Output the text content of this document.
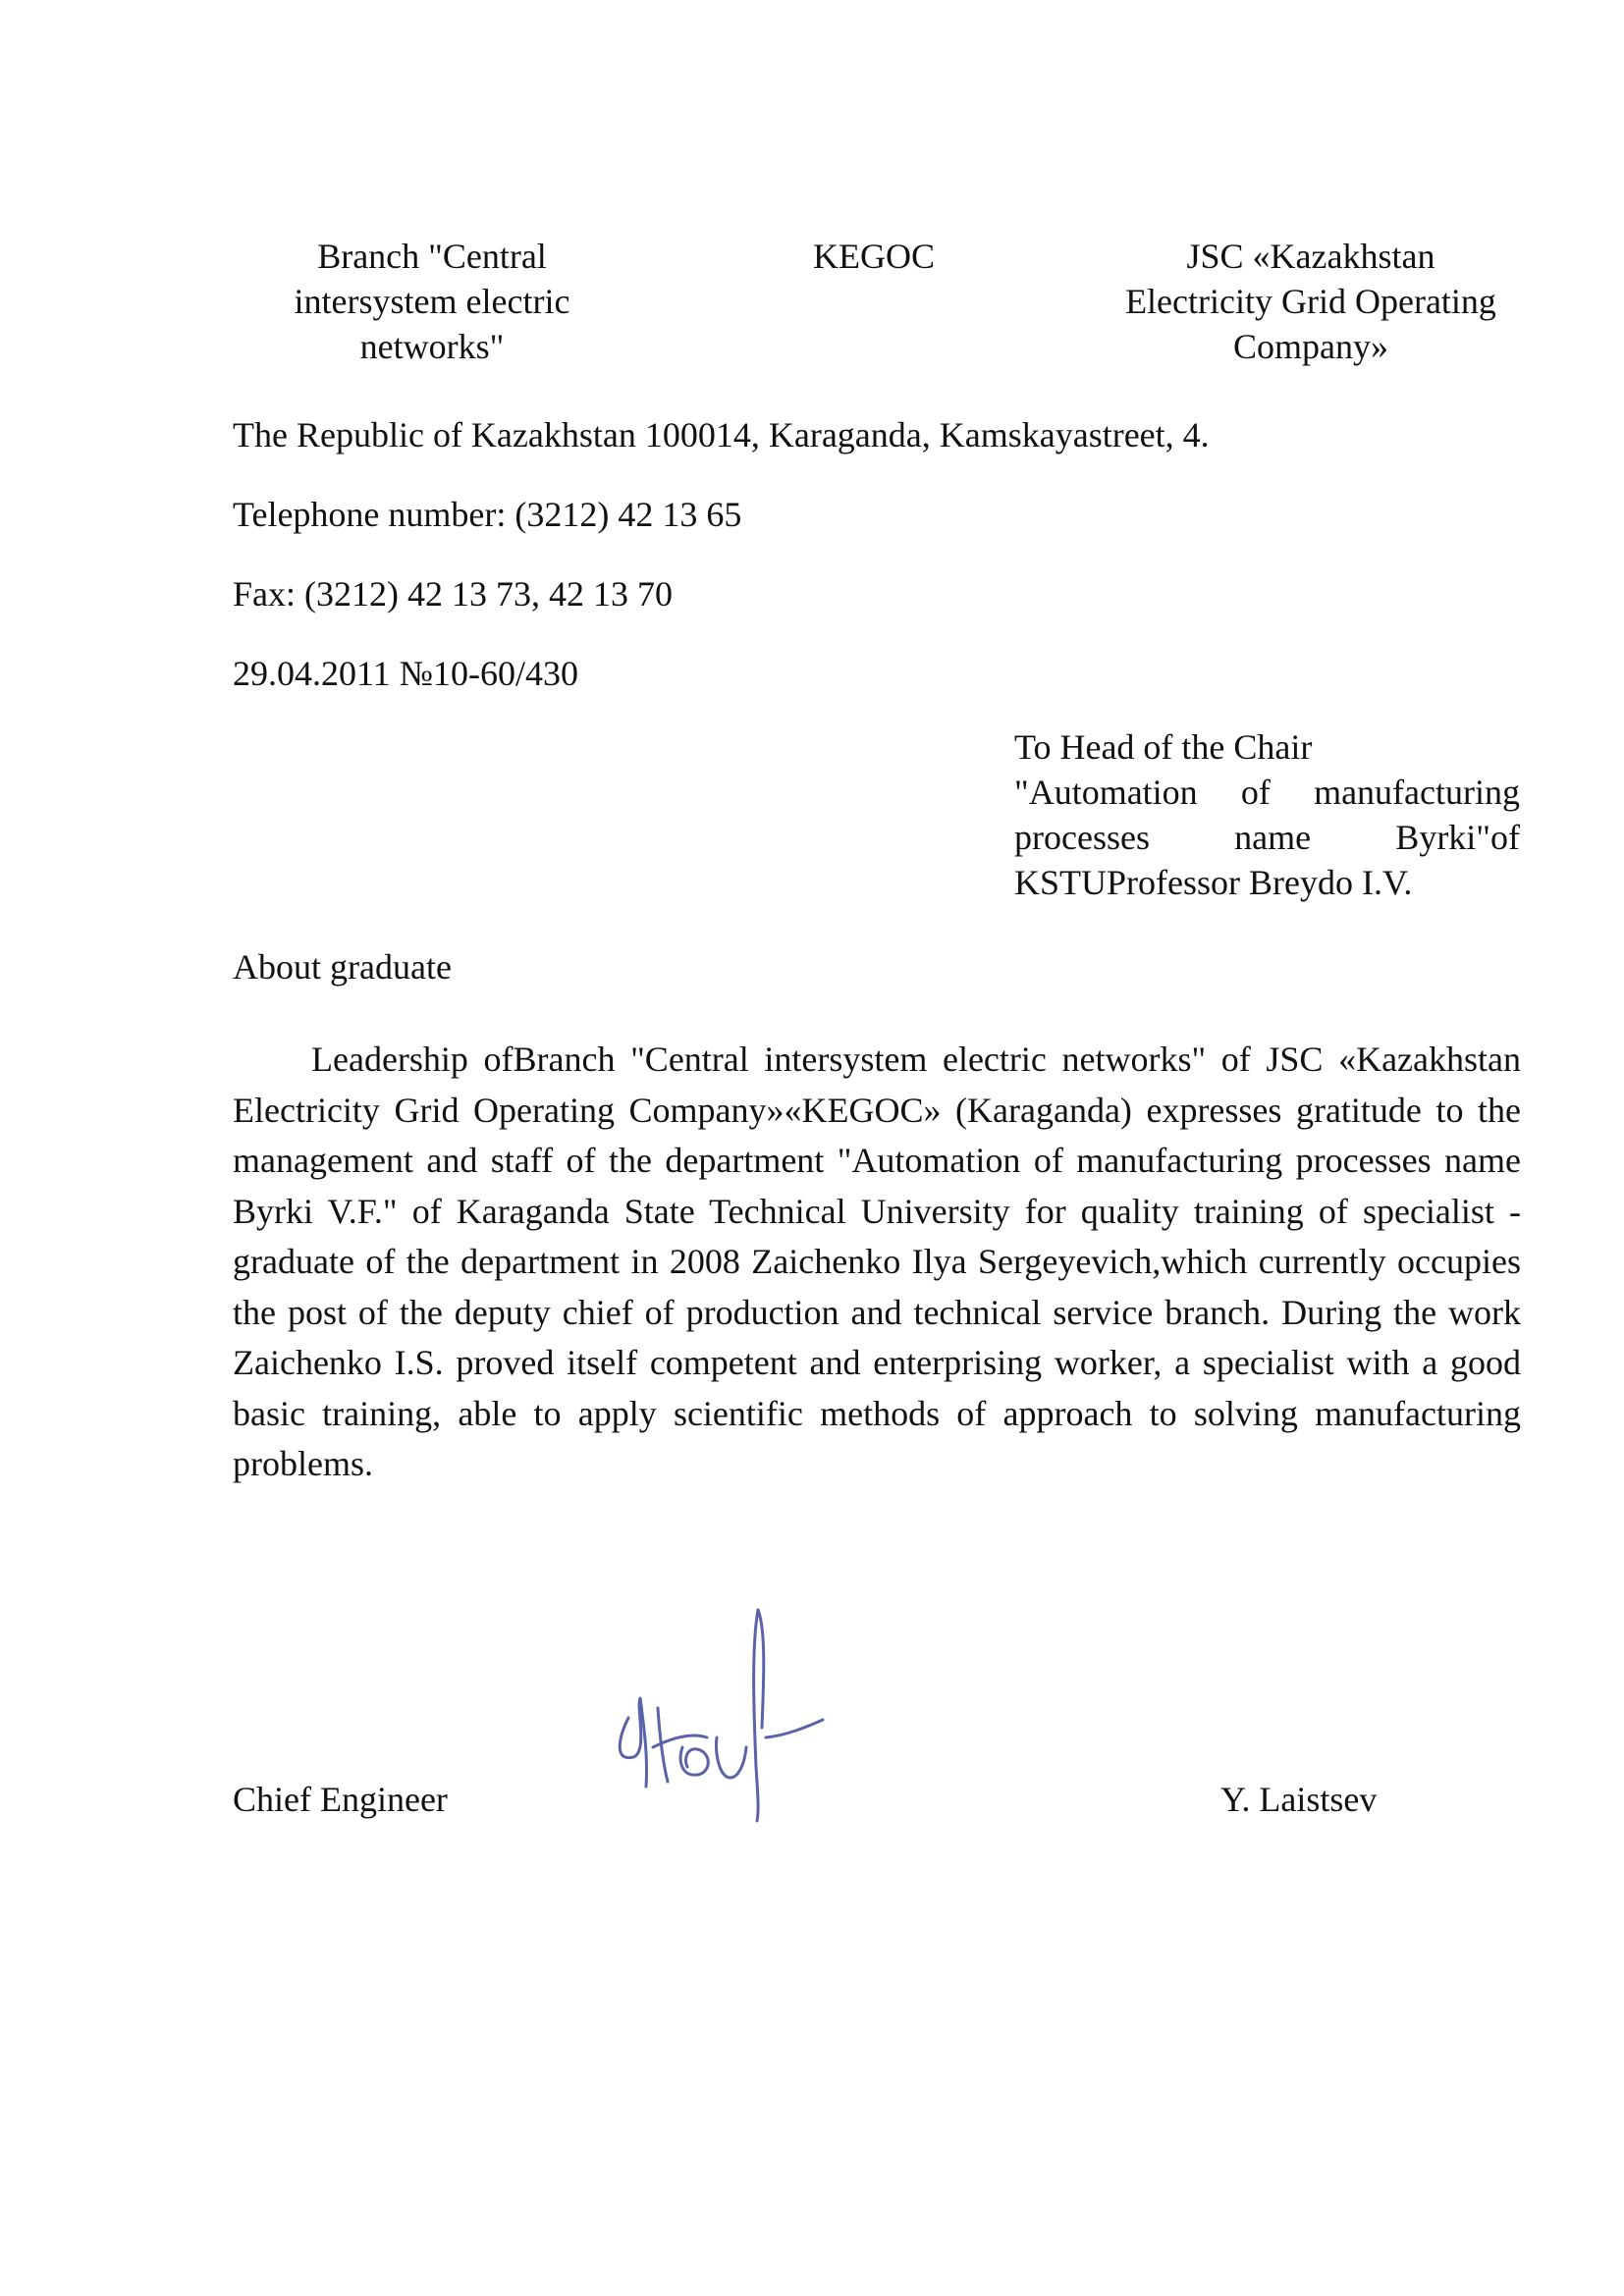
Branch "Central
intersystem electric
networks"
KEGOC	JSC «Kazakhstan
Electricity Grid Operating
Company»
The Republic of Kazakhstan 100014, Karaganda, Kamskayastreet, 4.
Telephone number: (3212) 42 13 65
Fax: (3212) 42 13 73, 42 13 70
29.04.2011 №10-60/430
To Head of the Chair
"Automation of manufacturing
processes name Byrki"of
KSTUProfessor Breydo I.V.
About graduate
Leadership ofBranch "Central intersystem electric networks" of JSC «Kazakhstan Electricity Grid Operating Company»«KEGOC» (Karaganda) expresses gratitude to the management and staff of the department "Automation of manufacturing processes name Byrki V.F." of Karaganda State Technical University for quality training of specialist - graduate of the department in 2008 Zaichenko Ilya Sergeyevich,which currently occupies the post of the deputy chief of production and technical service branch. During the work Zaichenko I.S. proved itself competent and enterprising worker, a specialist with a good basic training, able to apply scientific methods of approach to solving manufacturing problems.
Chief Engineer	Y. Laistsev
